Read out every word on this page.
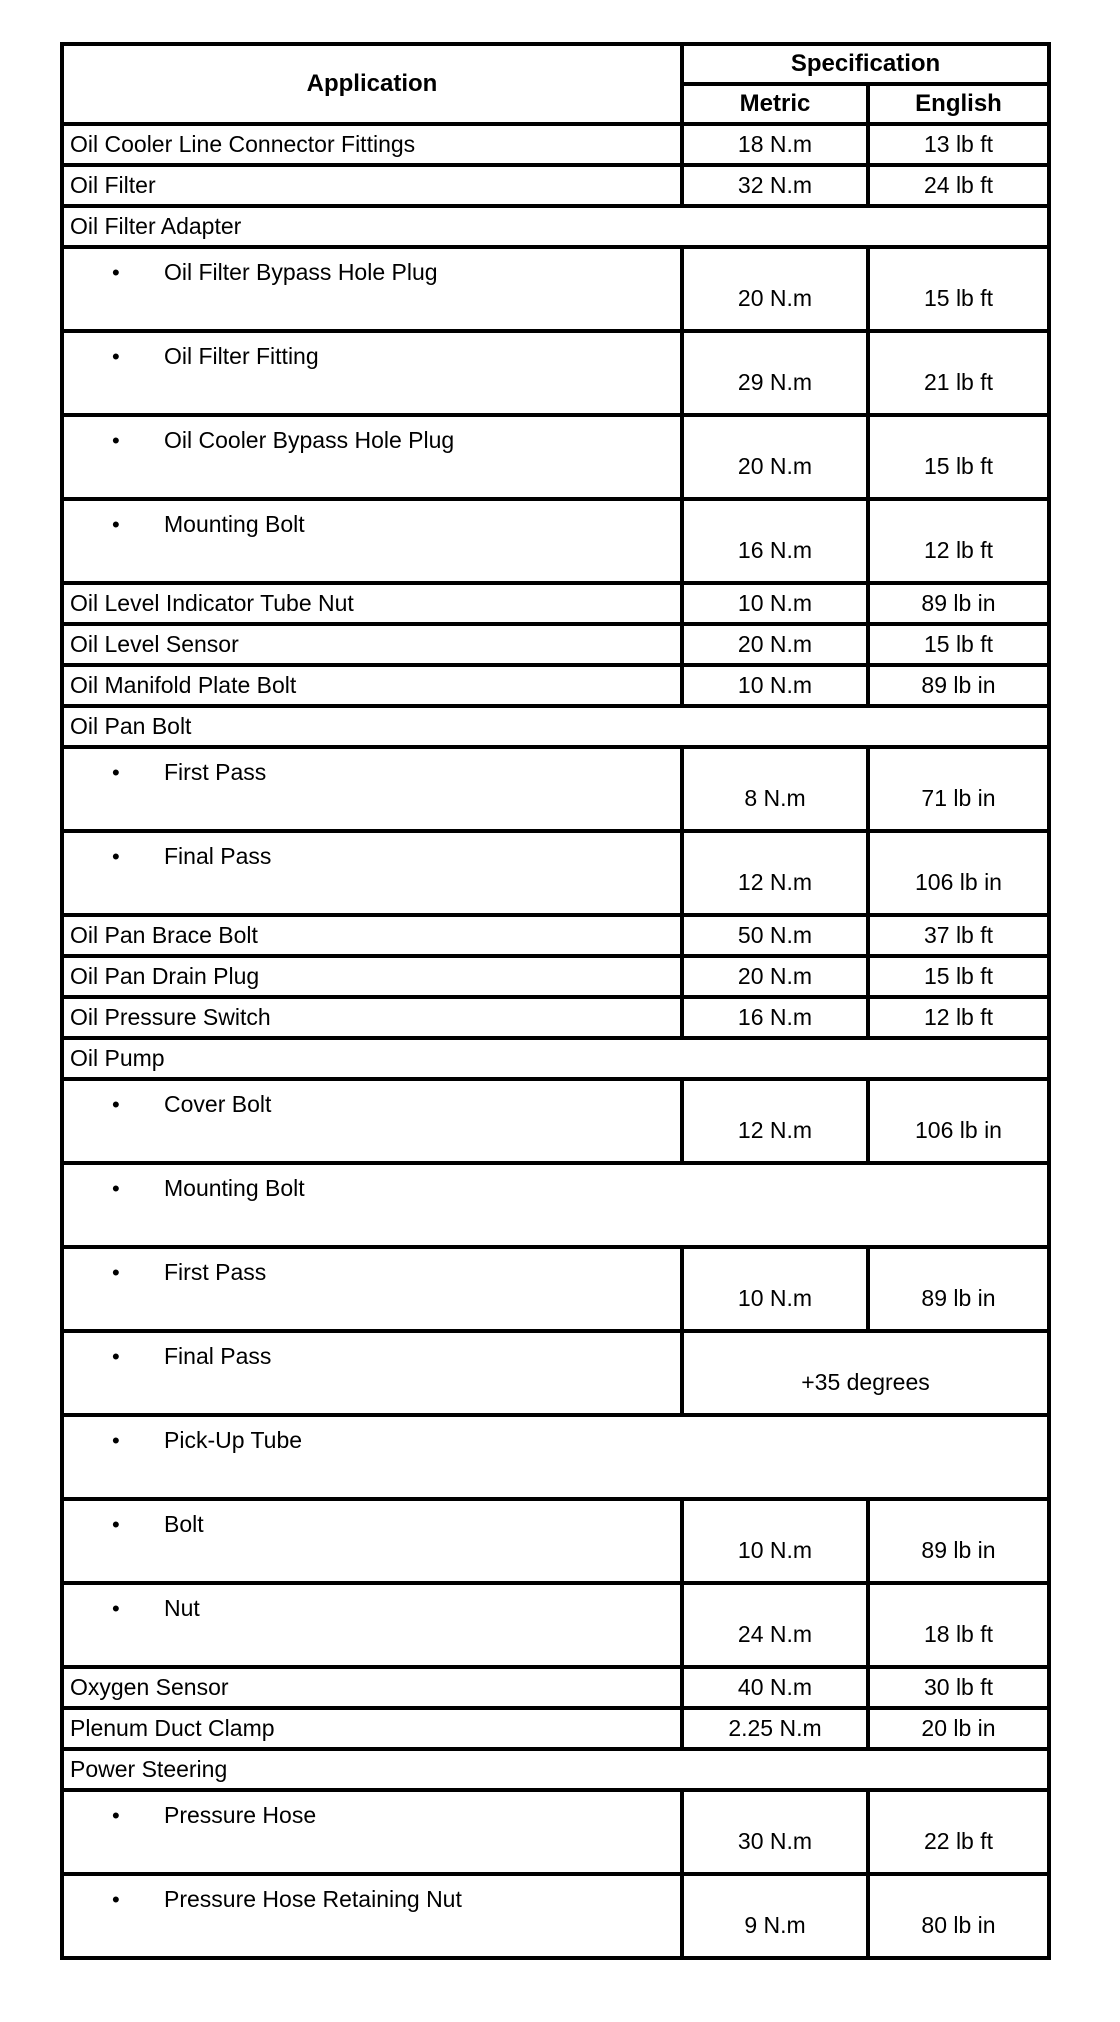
Application	Specification	
	Metric	English
Oil Cooler Line Connector Fittings	18 N.m	13 lb ft
Oil Filter	32 N.m	24 lb ft
Oil Filter Adapter		
• Oil Filter Bypass Hole Plug	20 N.m	15 lb ft
• Oil Filter Fitting	29 N.m	21 lb ft
• Oil Cooler Bypass Hole Plug	20 N.m	15 lb ft
• Mounting Bolt	16 N.m	12 lb ft
Oil Level Indicator Tube Nut	10 N.m	89 lb in
Oil Level Sensor	20 N.m	15 lb ft
Oil Manifold Plate Bolt	10 N.m	89 lb in
Oil Pan Bolt		
• First Pass	8 N.m	71 lb in
• Final Pass	12 N.m	106 lb in
Oil Pan Brace Bolt	50 N.m	37 lb ft
Oil Pan Drain Plug	20 N.m	15 lb ft
Oil Pressure Switch	16 N.m	12 lb ft
Oil Pump		
• Cover Bolt	12 N.m	106 lb in
• Mounting Bolt		
• First Pass	10 N.m	89 lb in
• Final Pass	+35 degrees	
• Pick-Up Tube		
• Bolt	10 N.m	89 lb in
• Nut	24 N.m	18 lb ft
Oxygen Sensor	40 N.m	30 lb ft
Plenum Duct Clamp	2.25 N.m	20 lb in
Power Steering		
• Pressure Hose	30 N.m	22 lb ft
• Pressure Hose Retaining Nut	9 N.m	80 lb in
